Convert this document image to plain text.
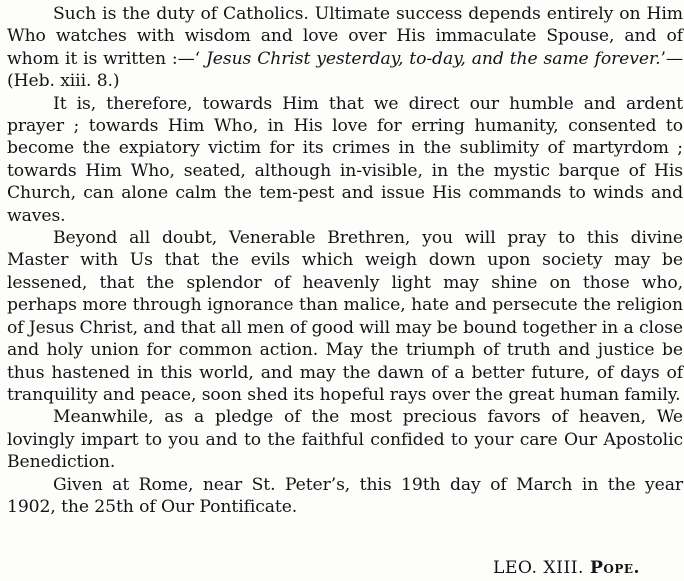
Such is the duty of Catholics. Ultimate success depends entirely on Him Who watches with wisdom and love over His immaculate Spouse, and of whom it is written :—‘ Jesus Christ yesterday, to-day, and the same forever.’—(Heb. xiii. 8.)

It is, therefore, towards Him that we direct our humble and ardent prayer ; towards Him Who, in His love for erring humanity, consented to become the expiatory victim for its crimes in the sublimity of martyrdom ; towards Him Who, seated, although in-visible, in the mystic barque of His Church, can alone calm the tem-pest and issue His commands to winds and waves.

Beyond all doubt, Venerable Brethren, you will pray to this divine Master with Us that the evils which weigh down upon society may be lessened, that the splendor of heavenly light may shine on those who, perhaps more through ignorance than malice, hate and persecute the religion of Jesus Christ, and that all men of good will may be bound together in a close and holy union for common action. May the triumph of truth and justice be thus hastened in this world, and may the dawn of a better future, of days of tranquility and peace, soon shed its hopeful rays over the great human family.

Meanwhile, as a pledge of the most precious favors of heaven, We lovingly impart to you and to the faithful confided to your care Our Apostolic Benediction.

Given at Rome, near St. Peter’s, this 19th day of March in the year 1902, the 25th of Our Pontificate.

LEO. XIII. Pope.
